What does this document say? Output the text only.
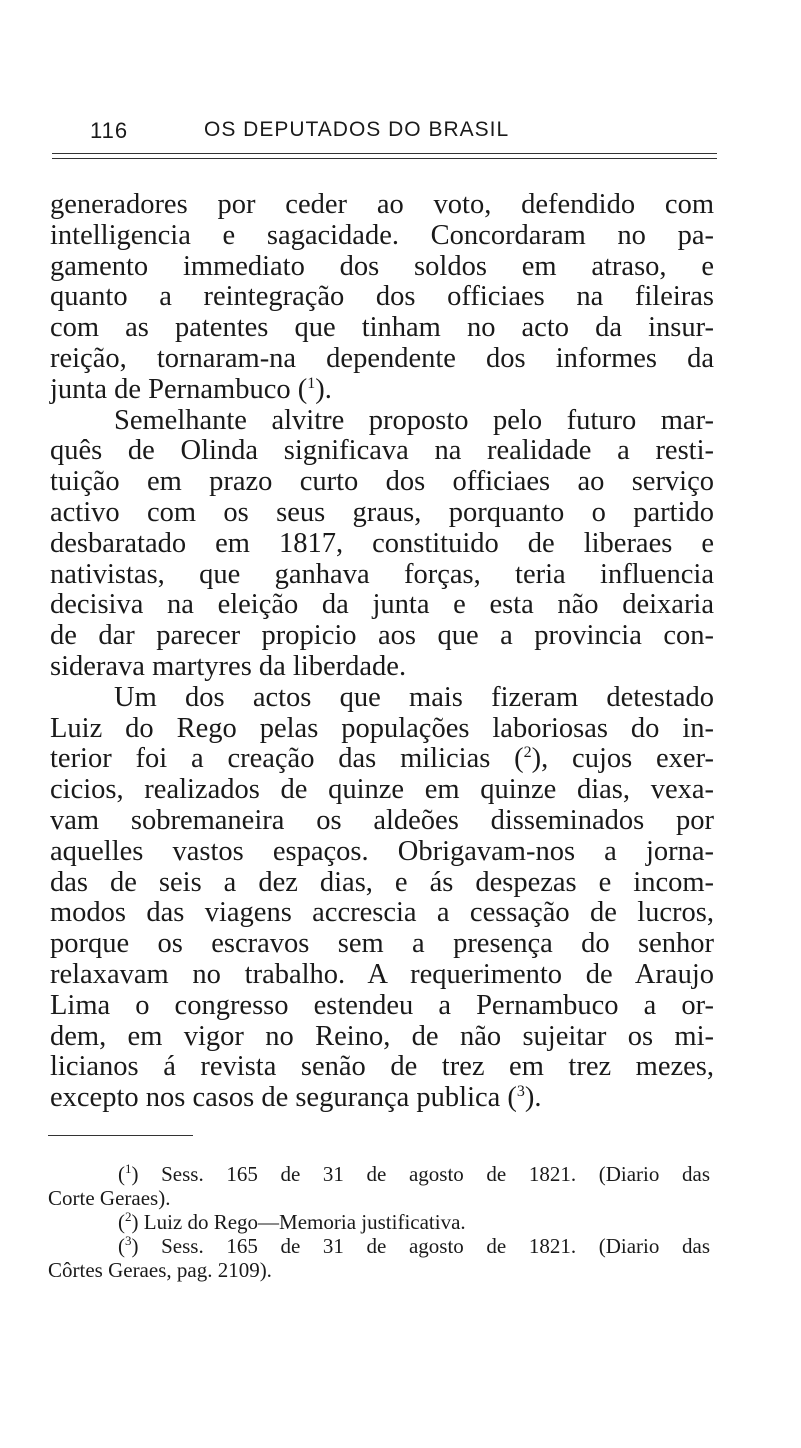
116	OS DEPUTADOS DO BRASIL
generadores por ceder ao voto, defendido com
intelligencia e sagacidade. Concordaram no pa-
gamento immediato dos soldos em atraso, e
quanto a reintegração dos officiaes na fileiras
com as patentes que tinham no acto da insur-
reição, tornaram-na dependente dos informes da
junta de Pernambuco ($^1$).
Semelhante alvitre proposto pelo futuro mar-
quês de Olinda significava na realidade a resti-
tuição em prazo curto dos officiaes ao serviço
activo com os seus graus, porquanto o partido
desbaratado em 1817, constituido de liberaes e
nativistas, que ganhava forças, teria influencia
decisiva na eleição da junta e esta não deixaria
de dar parecer propicio aos que a provincia con-
siderava martyres da liberdade.
Um dos actos que mais fizeram detestado
Luiz do Rego pelas populações laboriosas do in-
terior foi a creação das milicias ($^2$), cujos exer-
cicios, realizados de quinze em quinze dias, vexa-
vam sobremaneira os aldeões disseminados por
aquelles vastos espaços. Obrigavam-nos a jorna-
das de seis a dez dias, e ás despezas e incom-
modos das viagens accrescia a cessação de lucros,
porque os escravos sem a presença do senhor
relaxavam no trabalho. A requerimento de Araujo
Lima o congresso estendeu a Pernambuco a or-
dem, em vigor no Reino, de não sujeitar os mi-
licianos á revista senão de trez em trez mezes,
excepto nos casos de segurança publica ($^3$).
($^1$) Sess. 165 de 31 de agosto de 1821. (Diario das
Corte Geraes).
($^2$) Luiz do Rego—Memoria justificativa.
($^3$) Sess. 165 de 31 de agosto de 1821. (Diario das
Côrtes Geraes, pag. 2109).
